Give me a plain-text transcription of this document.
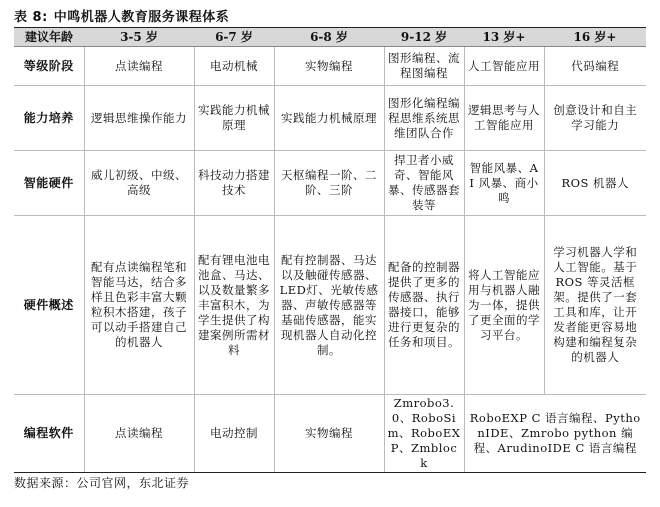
表 8: 中鸣机器人教育服务课程体系
建议年龄	3-5 岁	6-7 岁	6-8 岁	9-12 岁	13 岁+	16 岁+
等级阶段	点读编程	电动机械	实物编程	图形编程、流程图编程	人工智能应用	代码编程
能力培养	逻辑思维操作能力	实践能力机械原理	实践能力机械原理	图形化编程编程思维系统思维团队合作	逻辑思考与人工智能应用	创意设计和自主学习能力
智能硬件	威儿初级、中级、高级	科技动力搭建技术	天枢编程一阶、二阶、三阶	捍卫者小威奇、智能风暴、传感器套装等	智能风暴、AI 风暴、商小鸣	ROS 机器人
硬件概述	配有点读编程笔和智能马达，结合多样且色彩丰富大颗粒积木搭建，孩子可以动手搭建自己的机器人	配有锂电池电池盒、马达、以及数量繁多丰富积木，为学生提供了构建案例所需材料	配有控制器、马达以及触碰传感器、LED灯、光敏传感器、声敏传感器等基础传感器，能实现机器人自动化控制。	配备的控制器提供了更多的传感器、执行器接口，能够进行更复杂的任务和项目。	将人工智能应用与机器人融为一体，提供了更全面的学习平台。	学习机器人学和人工智能。基于 ROS 等灵活框架。提供了一套工具和库，让开发者能更容易地构建和编程复杂的机器人
编程软件	点读编程	电动控制	实物编程	Zmrobo3.0、RoboSim、RoboEXP、Zmblock	RoboEXP C 语言编程、PythonIDE、Zmrobo python 编程、ArudinoIDE C 语言编程	
数据来源：公司官网，东北证券
